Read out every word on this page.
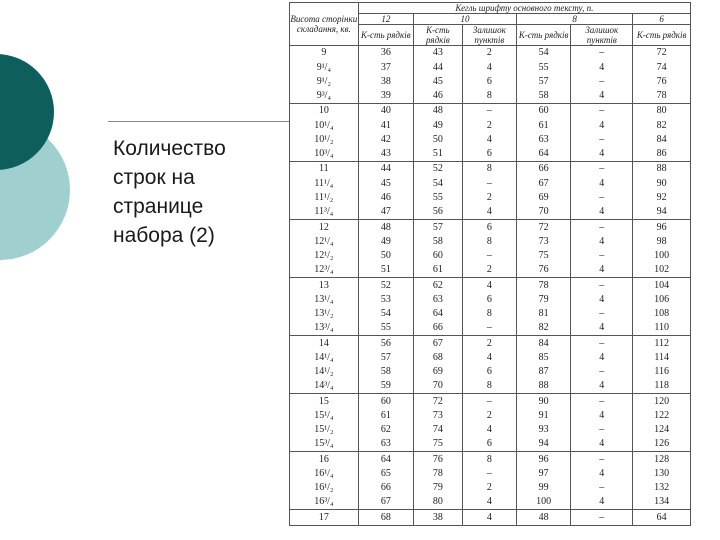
Количество
строк на
странице
набора (2)
Висота сторінки складання, кв.	Кегль шрифту основного тексту, п.					
	12	10		8		6
	К-сть рядків	К-сть рядків	Залишок пунктів	К-сть рядків	Залишок пунктів	К-сть рядків
9	36	43	2	54	–	72
9¹/₄	37	44	4	55	4	74
9¹/₂	38	45	6	57	–	76
9³/₄	39	46	8	58	4	78
10	40	48	–	60	–	80
10¹/₄	41	49	2	61	4	82
10¹/₂	42	50	4	63	–	84
10³/₄	43	51	6	64	4	86
11	44	52	8	66	–	88
11¹/₄	45	54	–	67	4	90
11¹/₂	46	55	2	69	–	92
11³/₄	47	56	4	70	4	94
12	48	57	6	72	–	96
12¹/₄	49	58	8	73	4	98
12¹/₂	50	60	–	75	–	100
12³/₄	51	61	2	76	4	102
13	52	62	4	78	–	104
13¹/₄	53	63	6	79	4	106
13¹/₂	54	64	8	81	–	108
13³/₄	55	66	–	82	4	110
14	56	67	2	84	–	112
14¹/₄	57	68	4	85	4	114
14¹/₂	58	69	6	87	–	116
14³/₄	59	70	8	88	4	118
15	60	72	–	90	–	120
15¹/₄	61	73	2	91	4	122
15¹/₂	62	74	4	93	–	124
15³/₄	63	75	6	94	4	126
16	64	76	8	96	–	128
16¹/₄	65	78	–	97	4	130
16¹/₂	66	79	2	99	–	132
16³/₄	67	80	4	100	4	134
17	68	38	4	48	–	64
